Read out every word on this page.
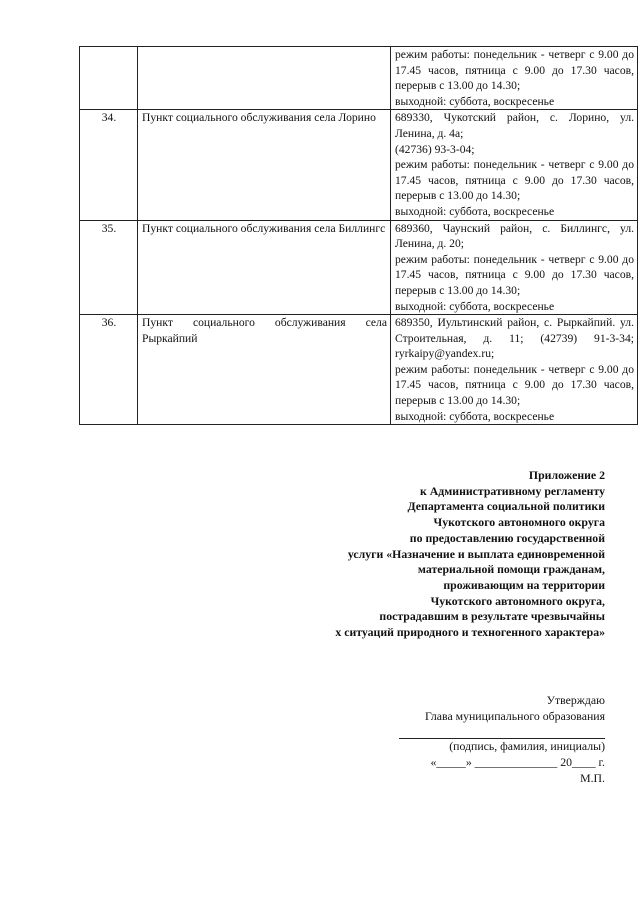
		режим работы: понедельник - четверг с 9.00 до 17.45 часов, пятница с 9.00 до 17.30 часов, перерыв с 13.00 до 14.30;
выходной: суббота, воскресенье

34.	Пункт социального обслуживания села Лорино	689330, Чукотский район, с. Лорино, ул. Ленина, д. 4а;
(42736) 93-3-04;
режим работы: понедельник - четверг с 9.00 до 17.45 часов, пятница с 9.00 до 17.30 часов, перерыв с 13.00 до 14.30;
выходной: суббота, воскресенье

35.	Пункт социального обслуживания села Биллингс	689360, Чаунский район, с. Биллингс, ул. Ленина, д. 20;
режим работы: понедельник - четверг с 9.00 до 17.45 часов, пятница с 9.00 до 17.30 часов, перерыв с 13.00 до 14.30;
выходной: суббота, воскресенье

36.	Пункт социального обслуживания села Рыркайпий	689350, Иультинский район, с. Рыркайпий. ул. Строительная, д. 11; (42739) 91-3-34; ryrkaipy@yandex.ru;
режим работы: понедельник - четверг с 9.00 до 17.45 часов, пятница с 9.00 до 17.30 часов, перерыв с 13.00 до 14.30;
выходной: суббота, воскресенье
Приложение 2
к Административному регламенту
Департамента социальной политики
Чукотского автономного округа
по предоставлению государственной
услуги «Назначение и выплата единовременной
материальной помощи гражданам,
проживающим на территории
Чукотского автономного округа,
пострадавшим в результате чрезвычайны
х ситуаций природного и техногенного характера»
Утверждаю
Глава муниципального образования
(подпись, фамилия, инициалы)
«_____» ______________ 20____ г.
М.П.
